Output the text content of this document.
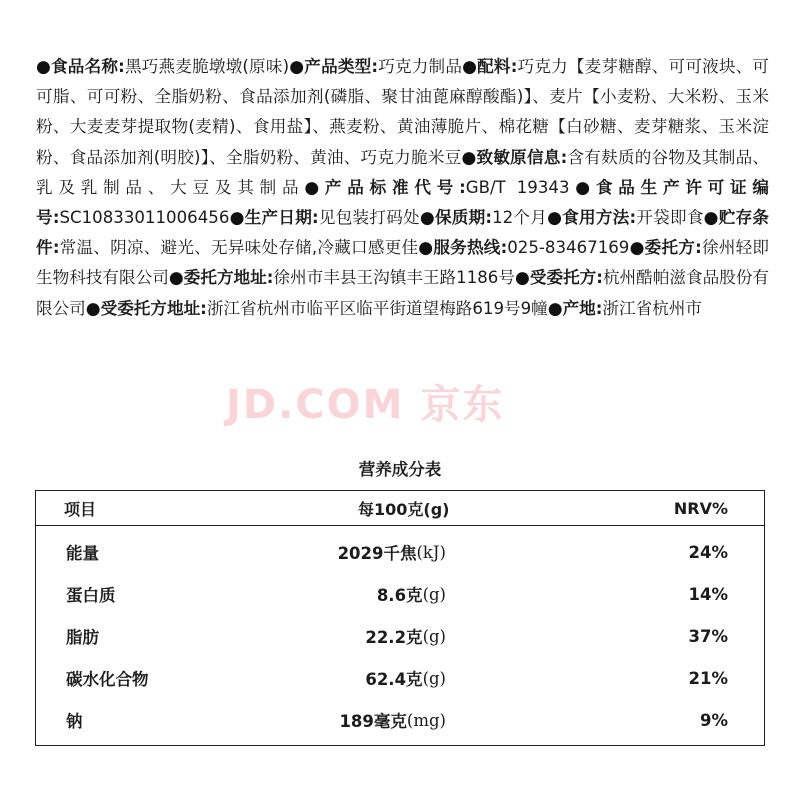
●食品名称:黑巧燕麦脆墩墩(原味)●产品类型:巧克力制品●配料:巧克力【麦芽糖醇、可可液块、可可脂、可可粉、全脂奶粉、食品添加剂(磷脂、聚甘油蓖麻醇酸酯)】、麦片【小麦粉、大米粉、玉米粉、大麦麦芽提取物(麦精)、食用盐】、燕麦粉、黄油薄脆片、棉花糖【白砂糖、麦芽糖浆、玉米淀粉、食品添加剂(明胶)】、全脂奶粉、黄油、巧克力脆米豆●致敏原信息:含有麸质的谷物及其制品、乳及乳制品、大豆及其制品●产品标准代号:GB/T 19343●食品生产许可证编号:SC10833011006456●生产日期:见包装打码处●保质期:12个月●食用方法:开袋即食●贮存条件:常温、阴凉、避光、无异味处存储,冷藏口感更佳●服务热线:025-83467169●委托方:徐州轻即生物科技有限公司●委托方地址:徐州市丰县王沟镇丰王路1186号●受委托方:杭州酷帕滋食品股份有限公司●受委托方地址:浙江省杭州市临平区临平街道望梅路619号9幢●产地:浙江省杭州市
JD.COM 京东
营养成分表
项目	每100克(g)	NRV%
能量	2029千焦 (kJ)	24%
蛋白质	8.6克 (g)	14%
脂肪	22.2克 (g)	37%
碳水化合物	62.4克 (g)	21%
钠	189毫克 (mg)	9%
